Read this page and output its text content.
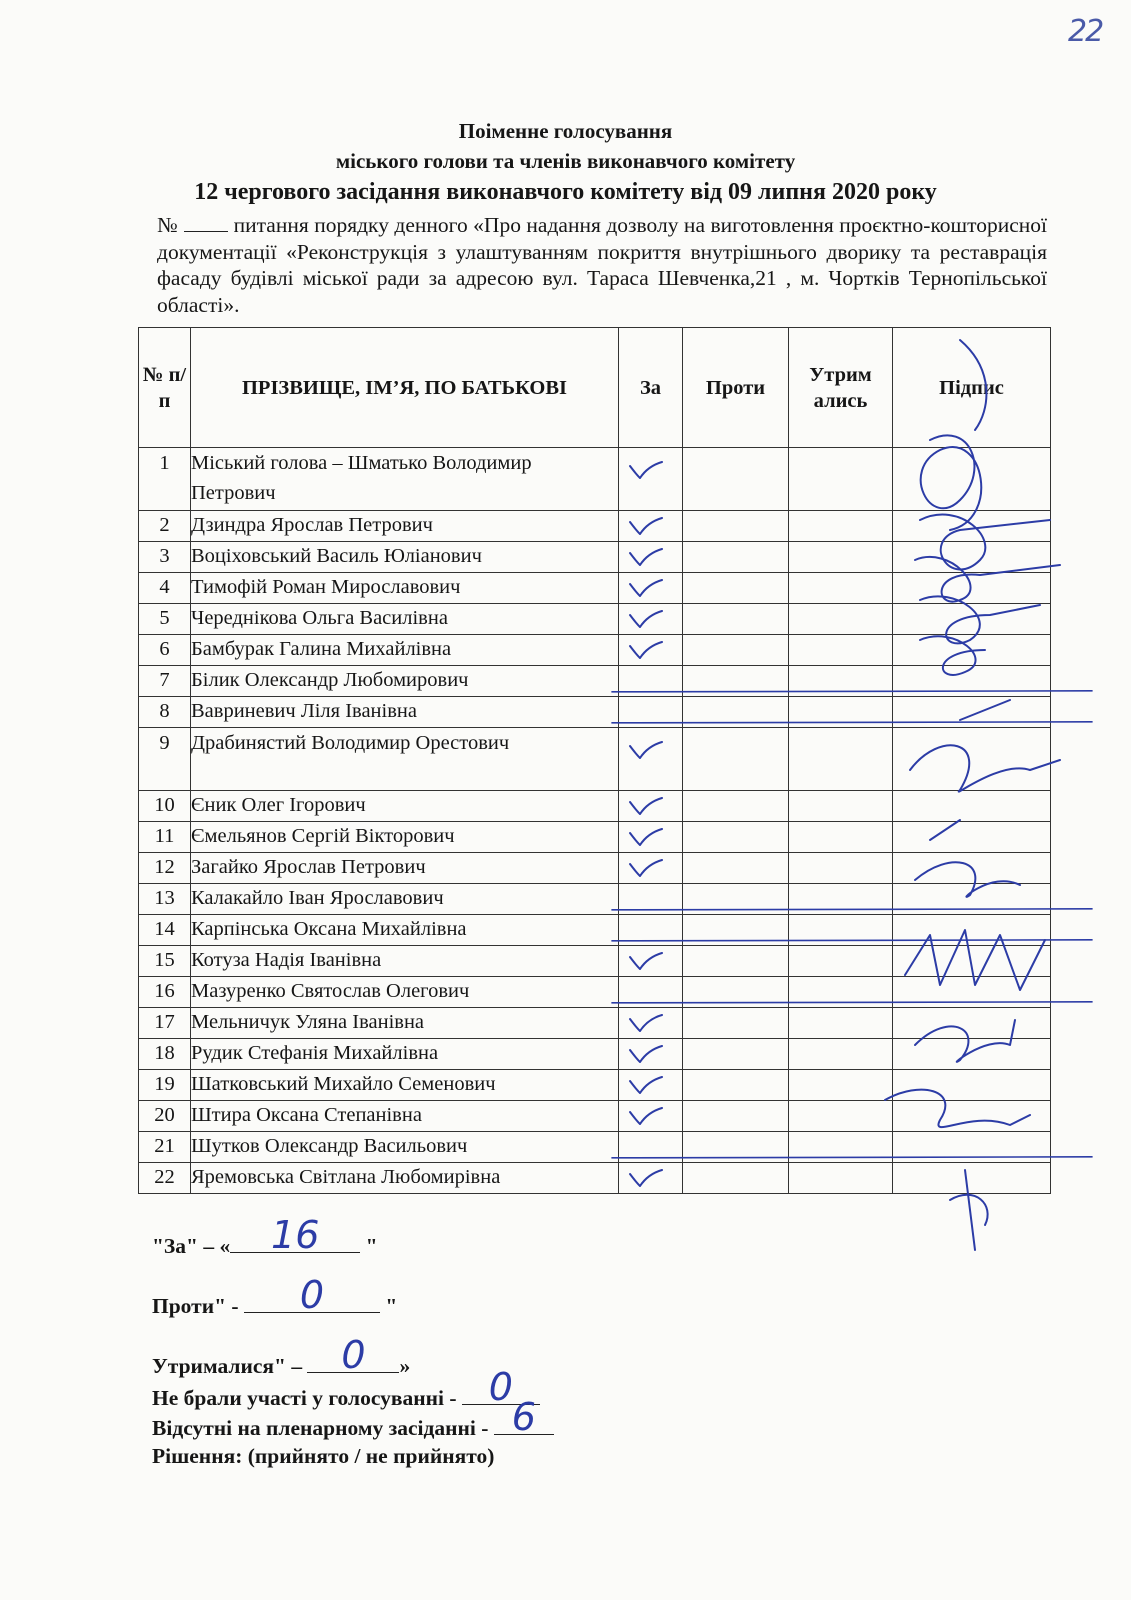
22
Поіменне голосування
міського голови та членів виконавчого комітету
12 чергового засідання виконавчого комітету від 09 липня 2020 року
№	питання порядку денного «Про надання дозволу на виготовлення проєктно-кошторисної документації «Реконструкція з улаштуванням покриття внутрішнього дворику та реставрація фасаду будівлі міської ради за адресою вул. Тараса Шевченка,21 , м. Чортків Тернопільської області».
№ п/п	ПРІЗВИЩЕ, ІМ’Я, ПО БАТЬКОВІ	За	Проти	Утрим ались	Підпис
1	Міський голова – Шматько Володимир Петрович	

2	Дзиндра Ярослав Петрович	

3	Воціховський Василь Юліанович	

4	Тимофій Роман Мирославович	

5	Череднікова Ольга Василівна	

6	Бамбурак Галина Михайлівна	

7	Білик Олександр Любомирович				
8	Вавриневич Ліля Іванівна				
9	Драбинястий Володимир Орестович	

10	Єник Олег Ігорович	

11	Ємельянов Сергій Вікторович	

12	Загайко Ярослав Петрович	

13	Калакайло Іван Ярославович				
14	Карпінська Оксана Михайлівна				
15	Котуза Надія Іванівна	

16	Мазуренко Святослав Олегович				
17	Мельничук Уляна Іванівна	

18	Рудик Стефанія Михайлівна	

19	Шатковський Михайло Семенович	

20	Штира Оксана Степанівна	

21	Шутков Олександр Васильович				
22	Яремовська Світлана Любомирівна	

"За" – «	16	"
Проти" -	0	"
Утрималися" – 0	»
Не брали участі у голосуванні - 0
Відсутні на пленарному засіданні - 6
Рішення: (прийнято / не прийнято)
